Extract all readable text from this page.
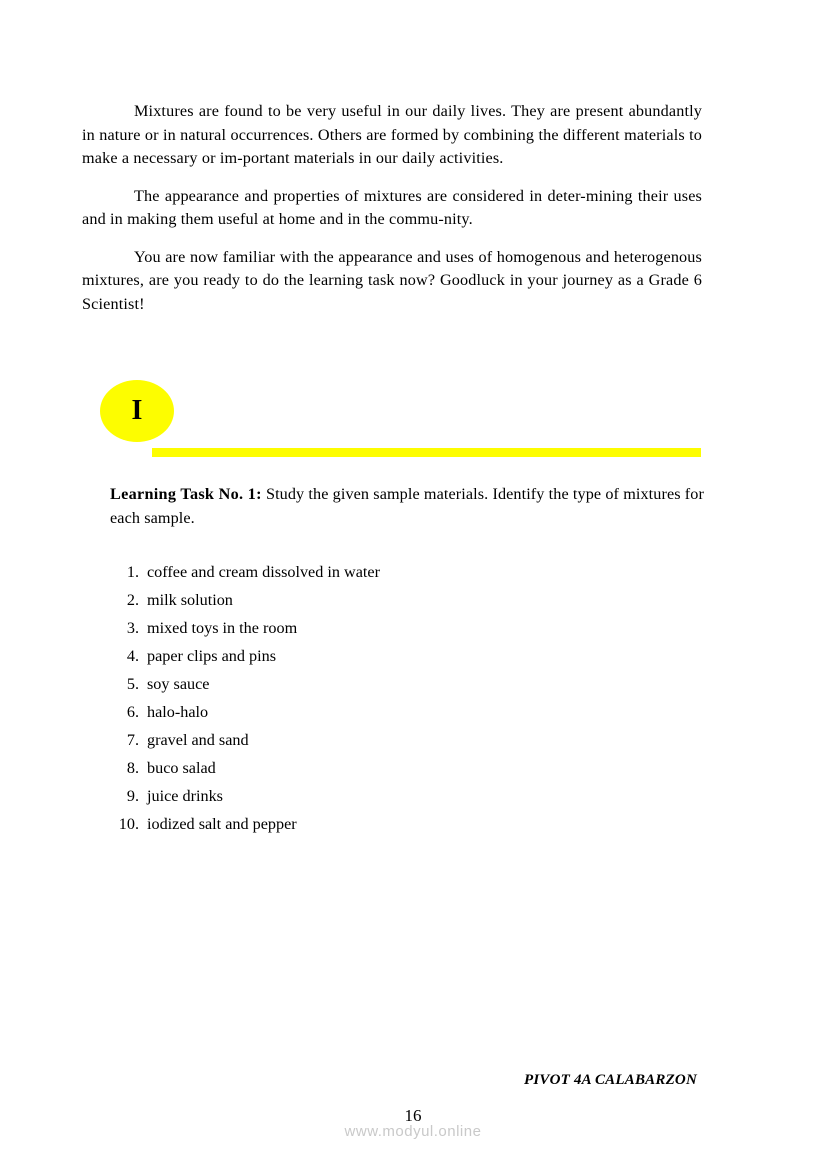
Mixtures are found to be very useful in our daily lives. They are present abundantly in nature or in natural occurrences. Others are formed by combining the different materials to make a necessary or im-portant materials in our daily activities.

The appearance and properties of mixtures are considered in deter-mining their uses and in making them useful at home and in the commu-nity.

You are now familiar with the appearance and uses of homogenous and heterogenous mixtures, are you ready to do the learning task now? Goodluck in your journey as a Grade 6 Scientist!

I

Learning Task No. 1: Study the given sample materials. Identify the type of mixtures for each sample.

1. coffee and cream dissolved in water
2. milk solution
3. mixed toys in the room
4. paper clips and pins
5. soy sauce
6. halo-halo
7. gravel and sand
8. buco salad
9. juice drinks
10. iodized salt and pepper
PIVOT 4A CALABARZON
16
www.modyul.online
